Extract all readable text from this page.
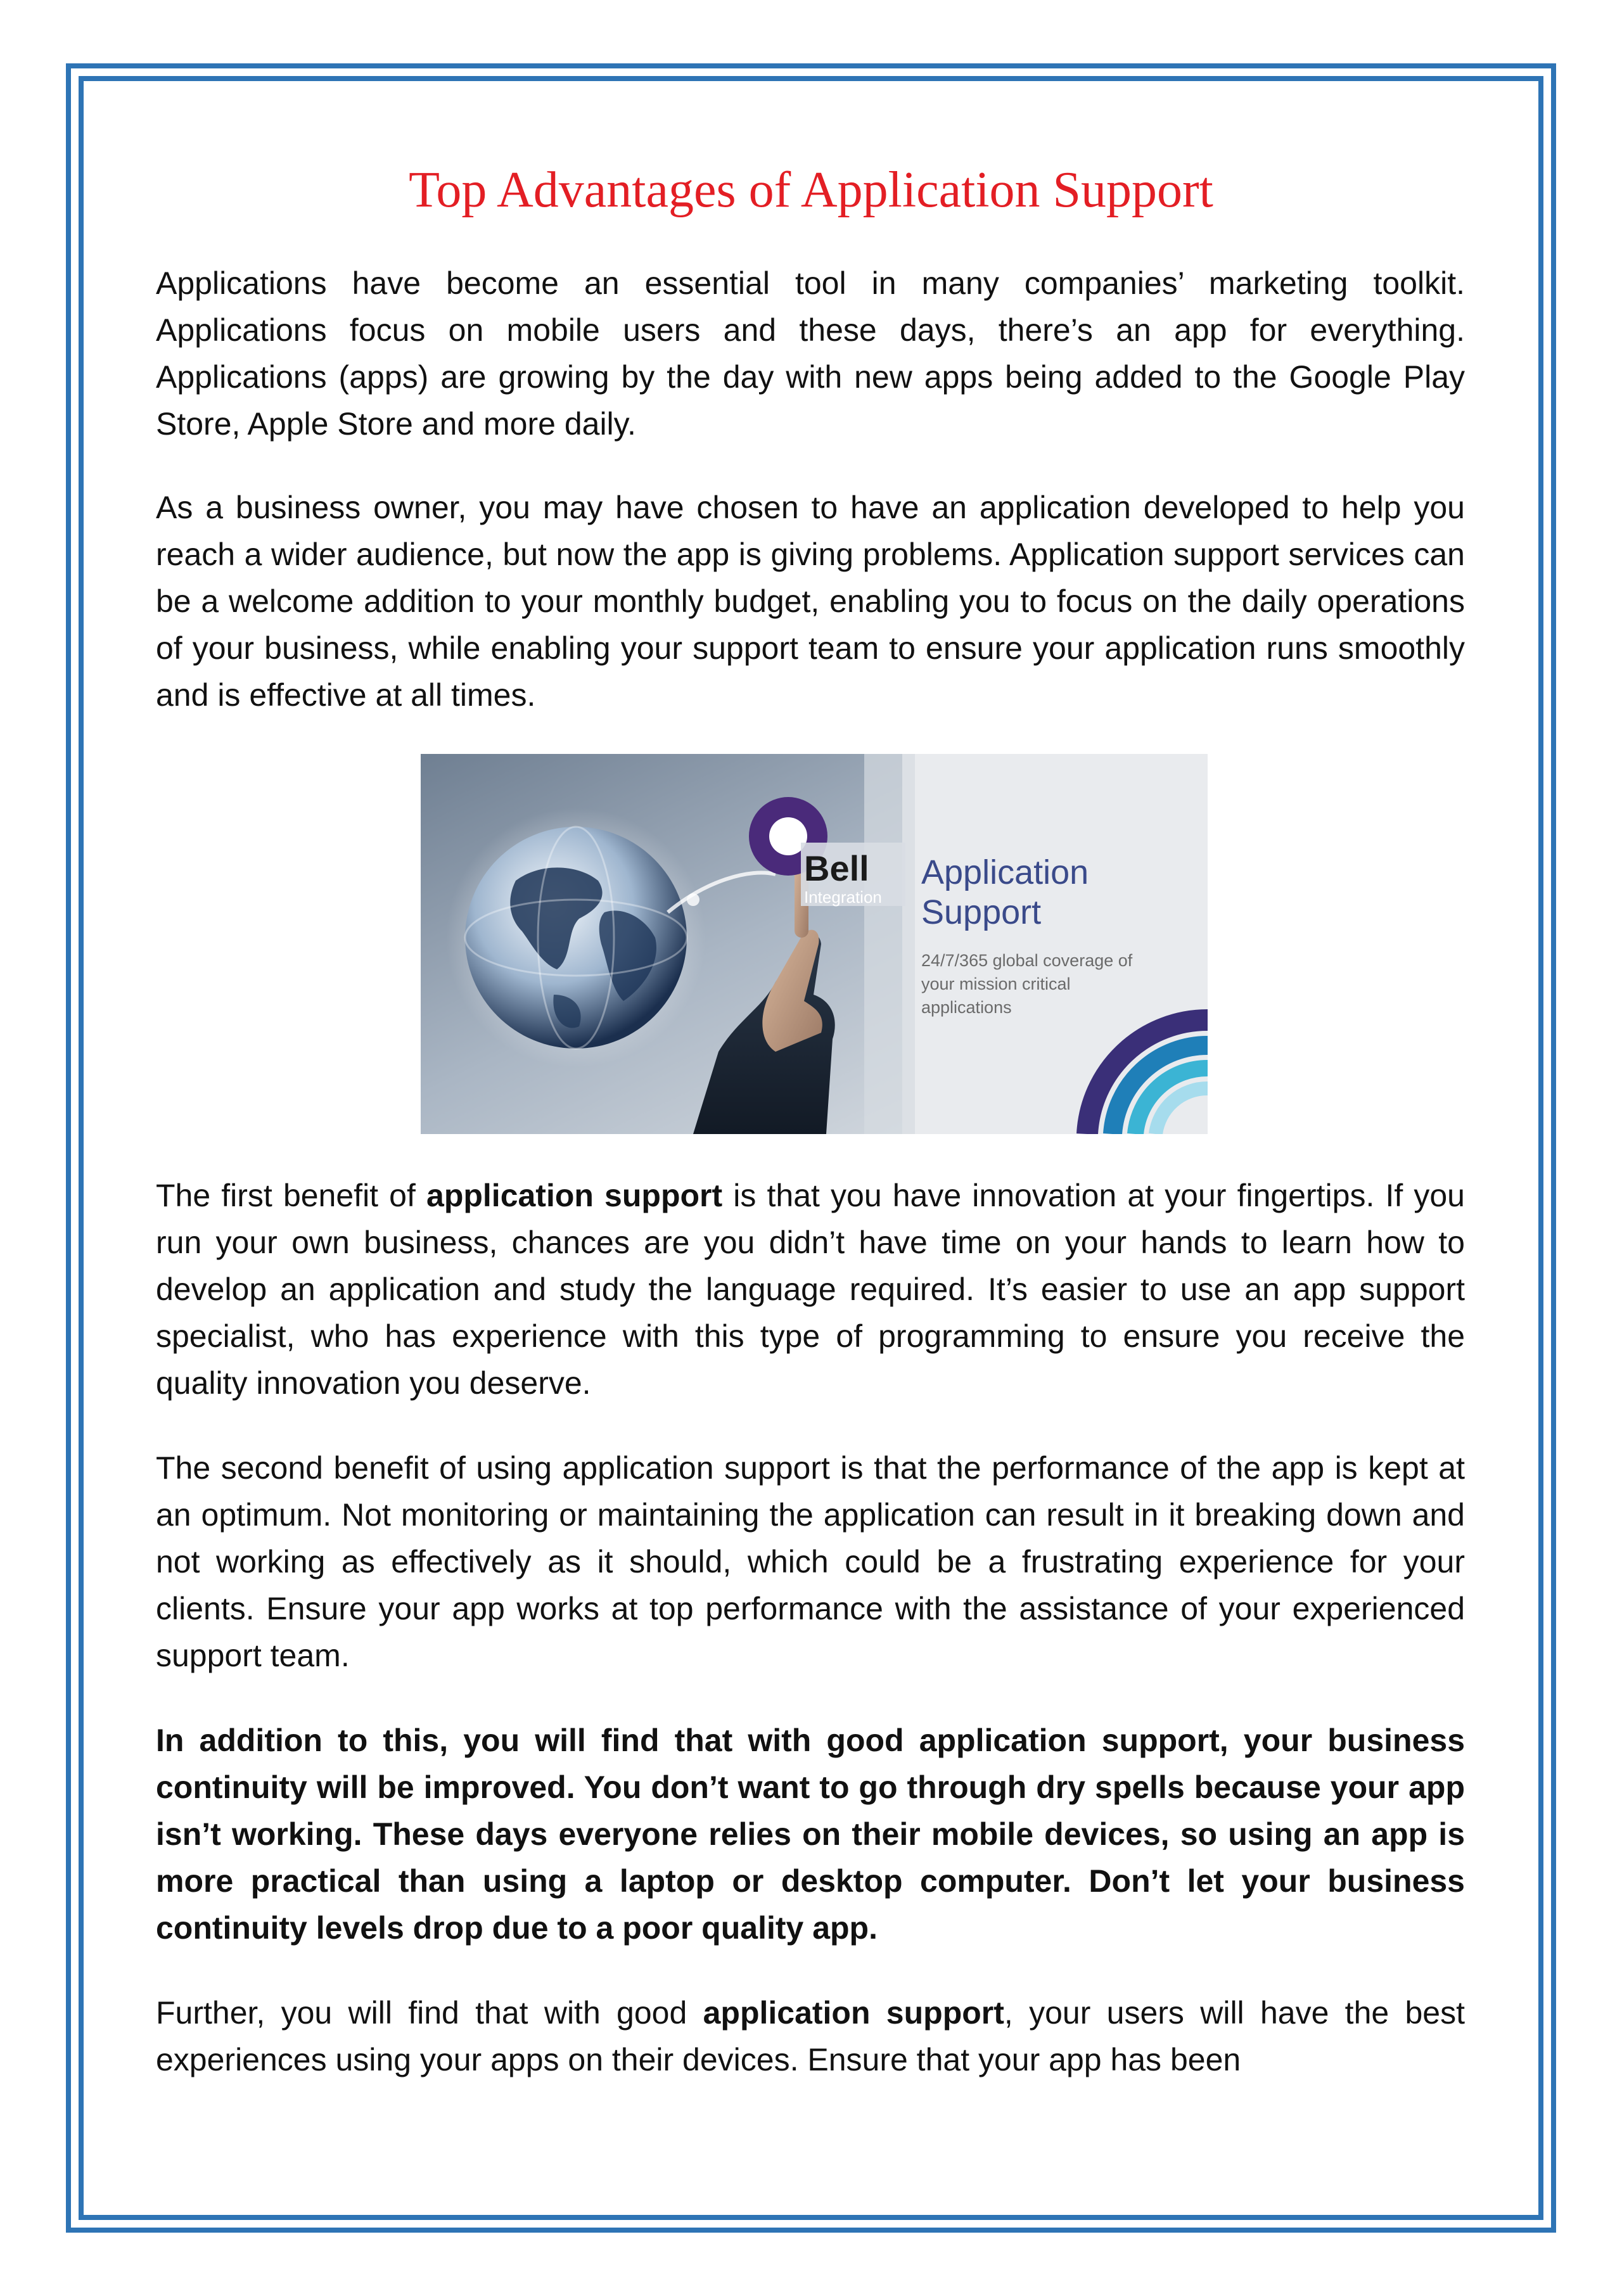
Top Advantages of Application Support

Applications have become an essential tool in many companies’ marketing toolkit. Applications focus on mobile users and these days, there’s an app for everything. Applications (apps) are growing by the day with new apps being added to the Google Play Store, Apple Store and more daily.

As a business owner, you may have chosen to have an application developed to help you reach a wider audience, but now the app is giving problems. Application support services can be a welcome addition to your monthly budget, enabling you to focus on the daily operations of your business, while enabling your support team to ensure your application runs smoothly and is effective at all times.

Bell
Integration
Application
Support
24/7/365 global coverage of
your mission critical
applications

The first benefit of application support is that you have innovation at your fingertips. If you run your own business, chances are you didn’t have time on your hands to learn how to develop an application and study the language required. It’s easier to use an app support specialist, who has experience with this type of programming to ensure you receive the quality innovation you deserve.

The second benefit of using application support is that the performance of the app is kept at an optimum. Not monitoring or maintaining the application can result in it breaking down and not working as effectively as it should, which could be a frustrating experience for your clients. Ensure your app works at top performance with the assistance of your experienced support team.

In addition to this, you will find that with good application support, your business continuity will be improved. You don’t want to go through dry spells because your app isn’t working. These days everyone relies on their mobile devices, so using an app is more practical than using a laptop or desktop computer. Don’t let your business continuity levels drop due to a poor quality app.

Further, you will find that with good application support, your users will have the best experiences using your apps on their devices. Ensure that your app has been
